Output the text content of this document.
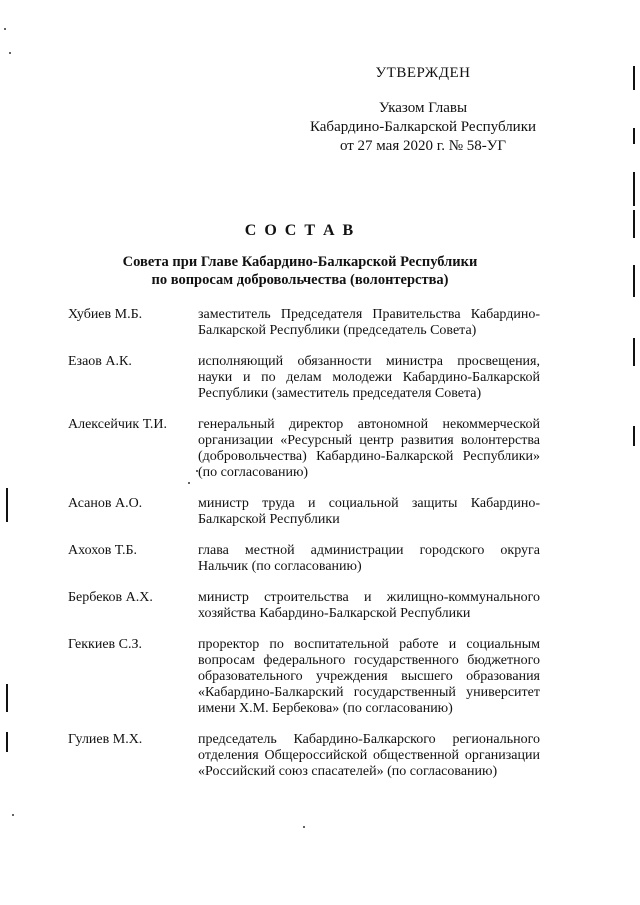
УТВЕРЖДЕН
Указом Главы
Кабардино-Балкарской Республики
от 27 мая 2020 г. № 58-УГ
С О С Т А В
Совета при Главе Кабардино-Балкарской Республики
по вопросам добровольчества (волонтерства)
Хубиев М.Б.	заместитель Председателя Правительства Кабардино-Балкарской Республики (председатель Совета)
Езаов А.К.	исполняющий обязанности министра просвещения, науки и по делам молодежи Кабардино-Балкарской Республики (заместитель председателя Совета)
Алексейчик Т.И.	генеральный директор автономной некоммерческой организации «Ресурсный центр развития волонтерства (добровольчества) Кабардино-Балкарской Республики» (по согласованию)
Асанов А.О.	министр труда и социальной защиты Кабардино-Балкарской Республики
Ахохов Т.Б.	глава местной администрации городского округа Нальчик (по согласованию)
Бербеков А.Х.	министр строительства и жилищно-коммунального хозяйства Кабардино-Балкарской Республики
Геккиев С.З.	проректор по воспитательной работе и социальным вопросам федерального государственного бюджетного образовательного учреждения высшего образования «Кабардино-Балкарский государственный университет имени Х.М. Бербекова» (по согласованию)
Гулиев М.Х.	председатель Кабардино-Балкарского регионального отделения Общероссийской общественной организации «Российский союз спасателей» (по согласованию)
